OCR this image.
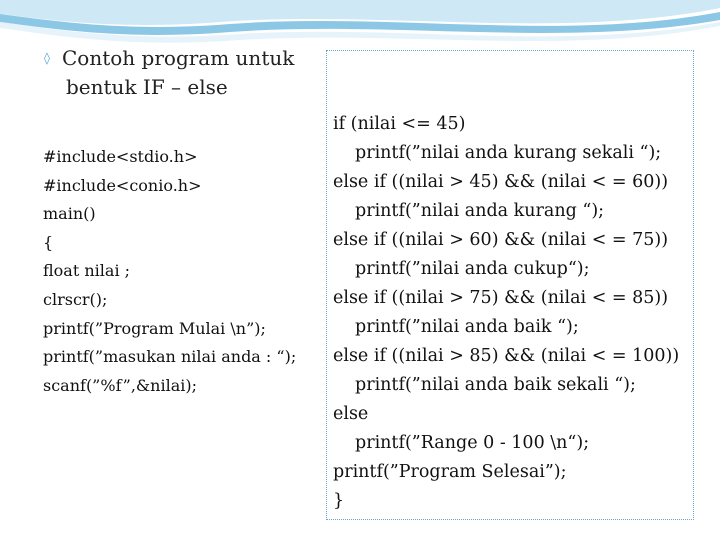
◊ Contoh program untuk
bentuk IF – else
#include<stdio.h>
#include<conio.h>
main()
{
float nilai ;
clrscr();
printf(”Program Mulai \n”);
printf(”masukan nilai anda : “);
scanf(”%f”,&nilai);
if (nilai <= 45)
printf(”nilai anda kurang sekali “);
else if ((nilai > 45) && (nilai < = 60))
printf(”nilai anda kurang “);
else if ((nilai > 60) && (nilai < = 75))
printf(”nilai anda cukup“);
else if ((nilai > 75) && (nilai < = 85))
printf(”nilai anda baik “);
else if ((nilai > 85) && (nilai < = 100))
printf(”nilai anda baik sekali “);
else
printf(”Range 0 - 100 \n“);
printf(”Program Selesai”);
}
